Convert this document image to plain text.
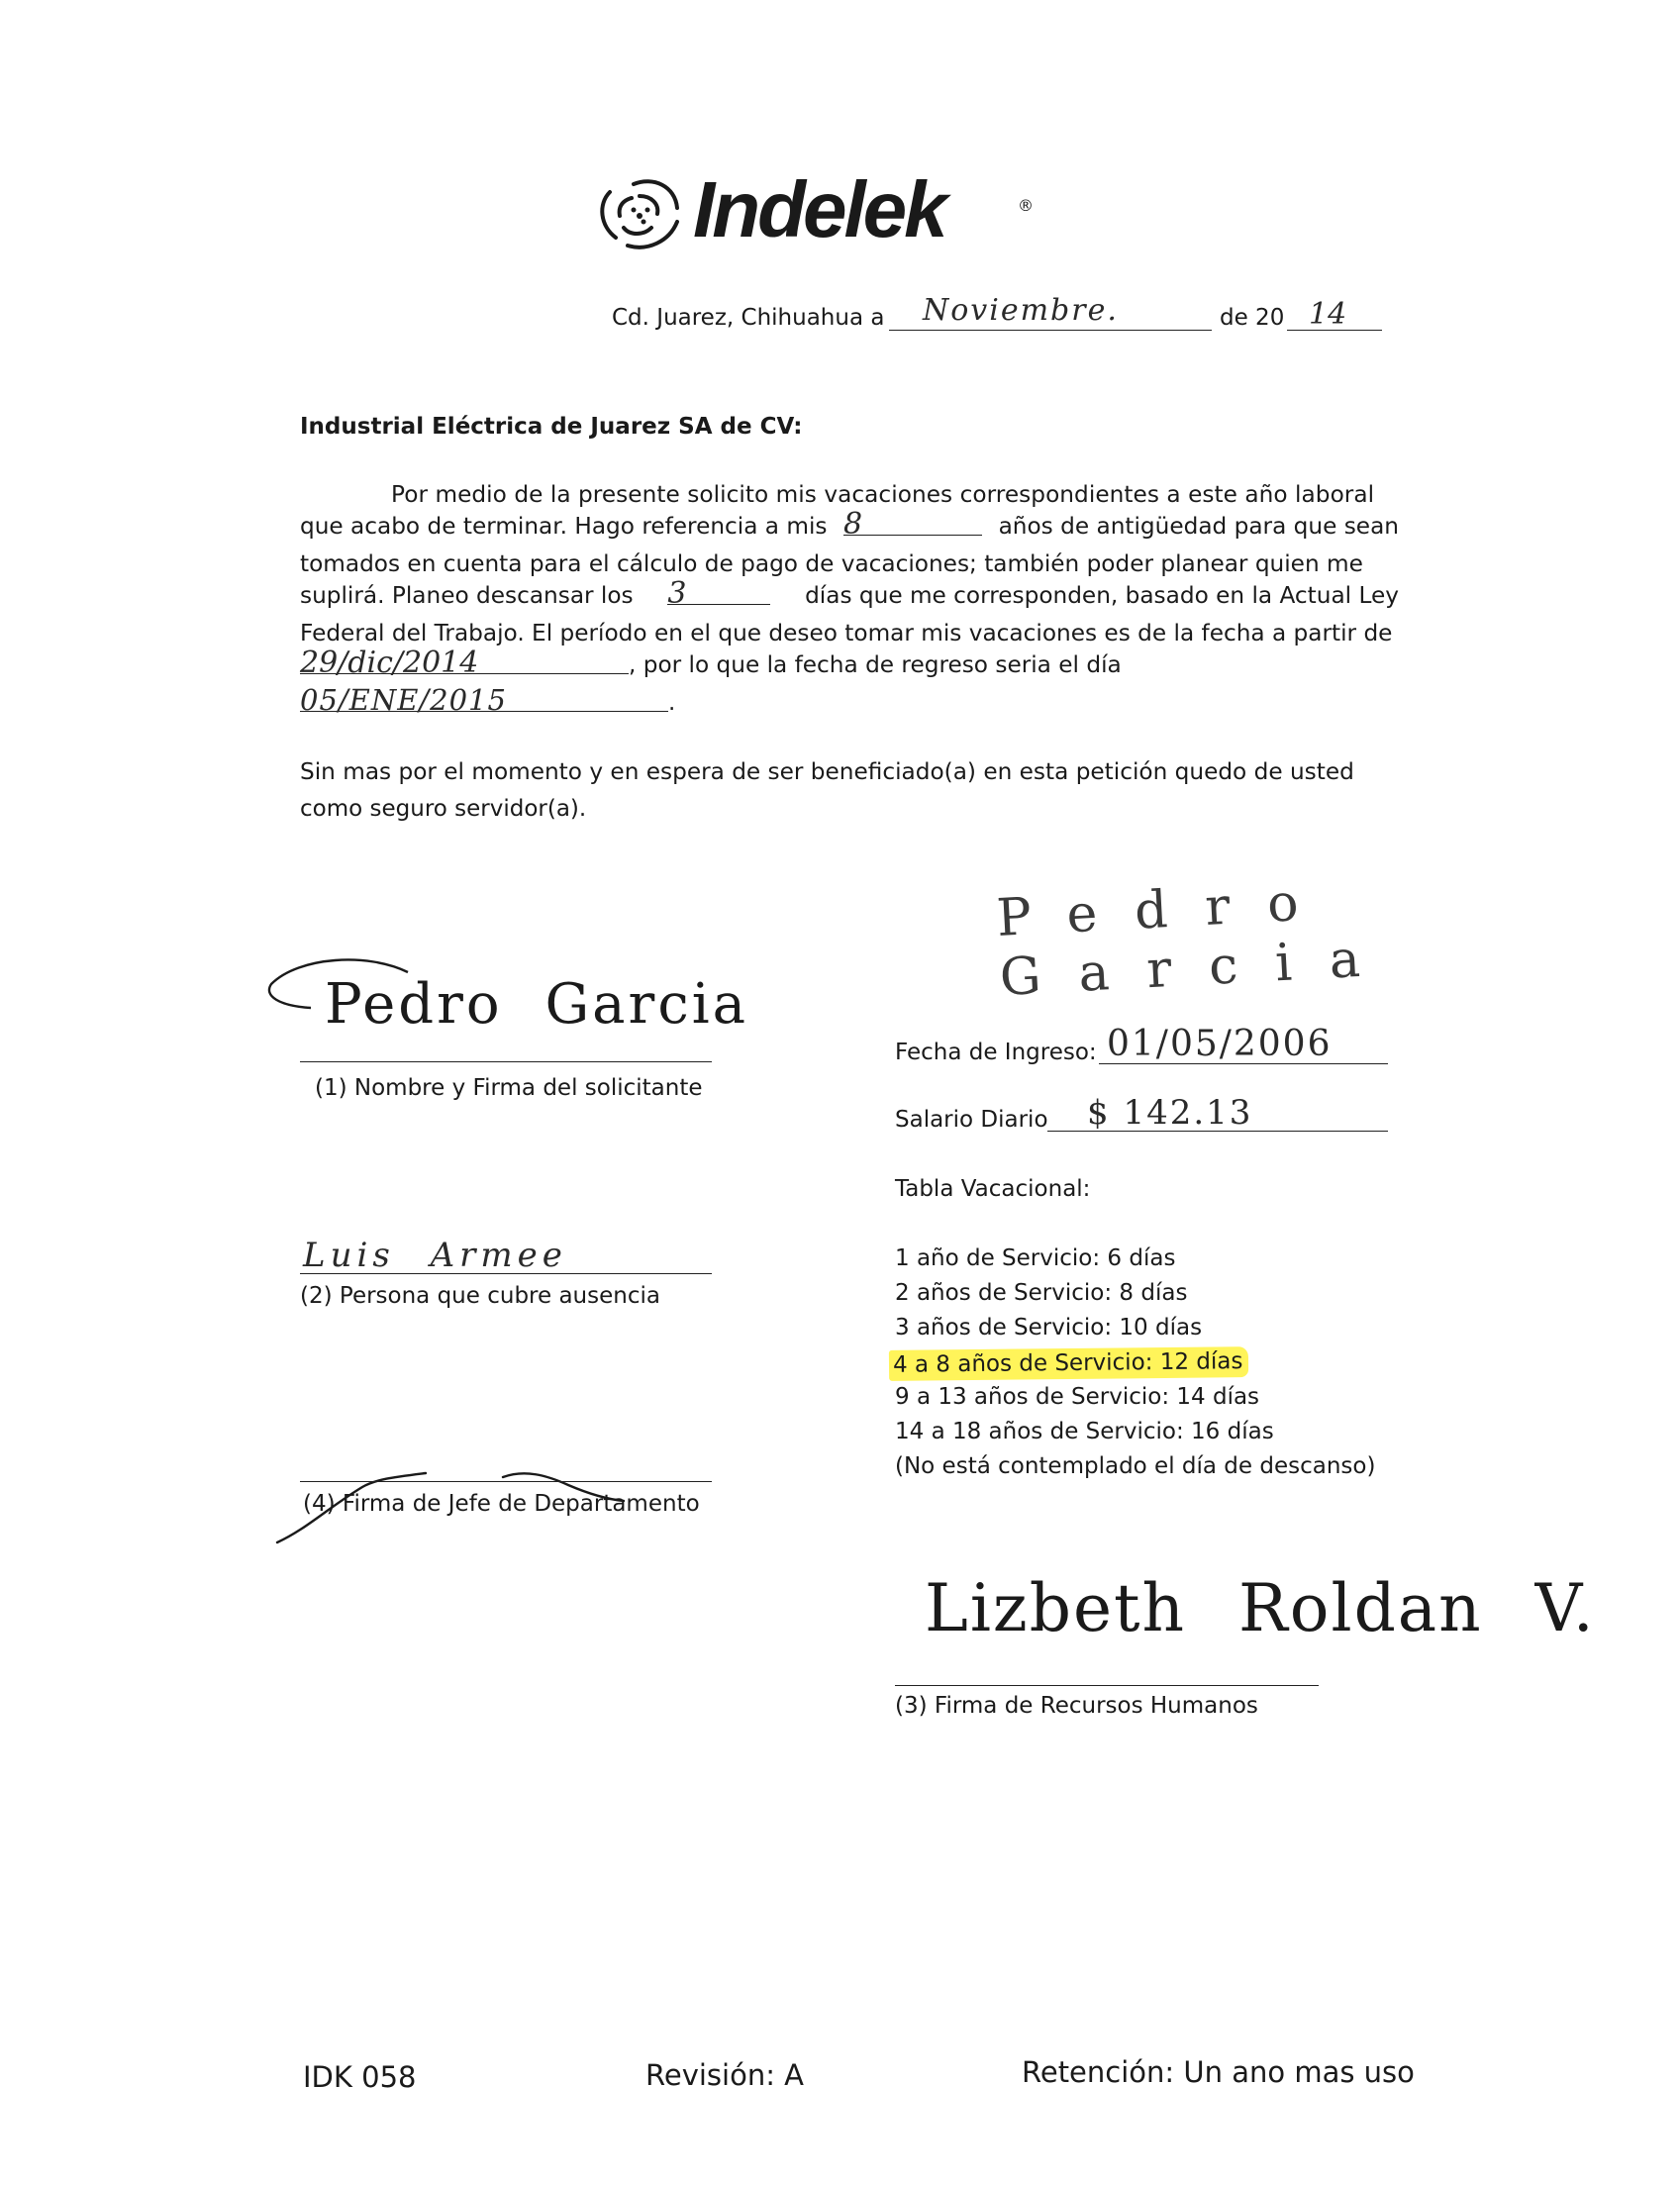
Indelek	®
Cd. Juarez, Chihuahua a Noviembre.	de 20 14
Industrial Eléctrica de Juarez SA de CV:
Por medio de la presente solicito mis vacaciones correspondientes a este año laboral
que acabo de terminar. Hago referencia a mis 8	años de antigüedad para que sean
tomados en cuenta para el cálculo de pago de vacaciones; también poder planear quien me
suplirá. Planeo descansar los 3	días que me corresponden, basado en la Actual Ley
Federal del Trabajo. El período en el que deseo tomar mis vacaciones es de la fecha a partir de
29/dic/2014	, por lo que la fecha de regreso seria el día
05/ENE/2015	.
Sin mas por el momento y en espera de ser beneficiado(a) en esta petición quedo de usted
como seguro servidor(a).
Pedro Garcia
Pedro Garcia
(1) Nombre y Firma del solicitante
Fecha de Ingreso: 01/05/2006
Salario Diario $ 142.13
Tabla Vacacional:
1 año de Servicio: 6 días
2 años de Servicio: 8 días
3 años de Servicio: 10 días
4 a 8 años de Servicio: 12 días
9 a 13 años de Servicio: 14 días
14 a 18 años de Servicio: 16 días
(No está contemplado el día de descanso)
Luis Armee
(2) Persona que cubre ausencia
(4) Firma de Jefe de Departamento
Lizbeth Roldan V.
(3) Firma de Recursos Humanos
IDK 058	Revisión: A	Retención: Un ano mas uso
